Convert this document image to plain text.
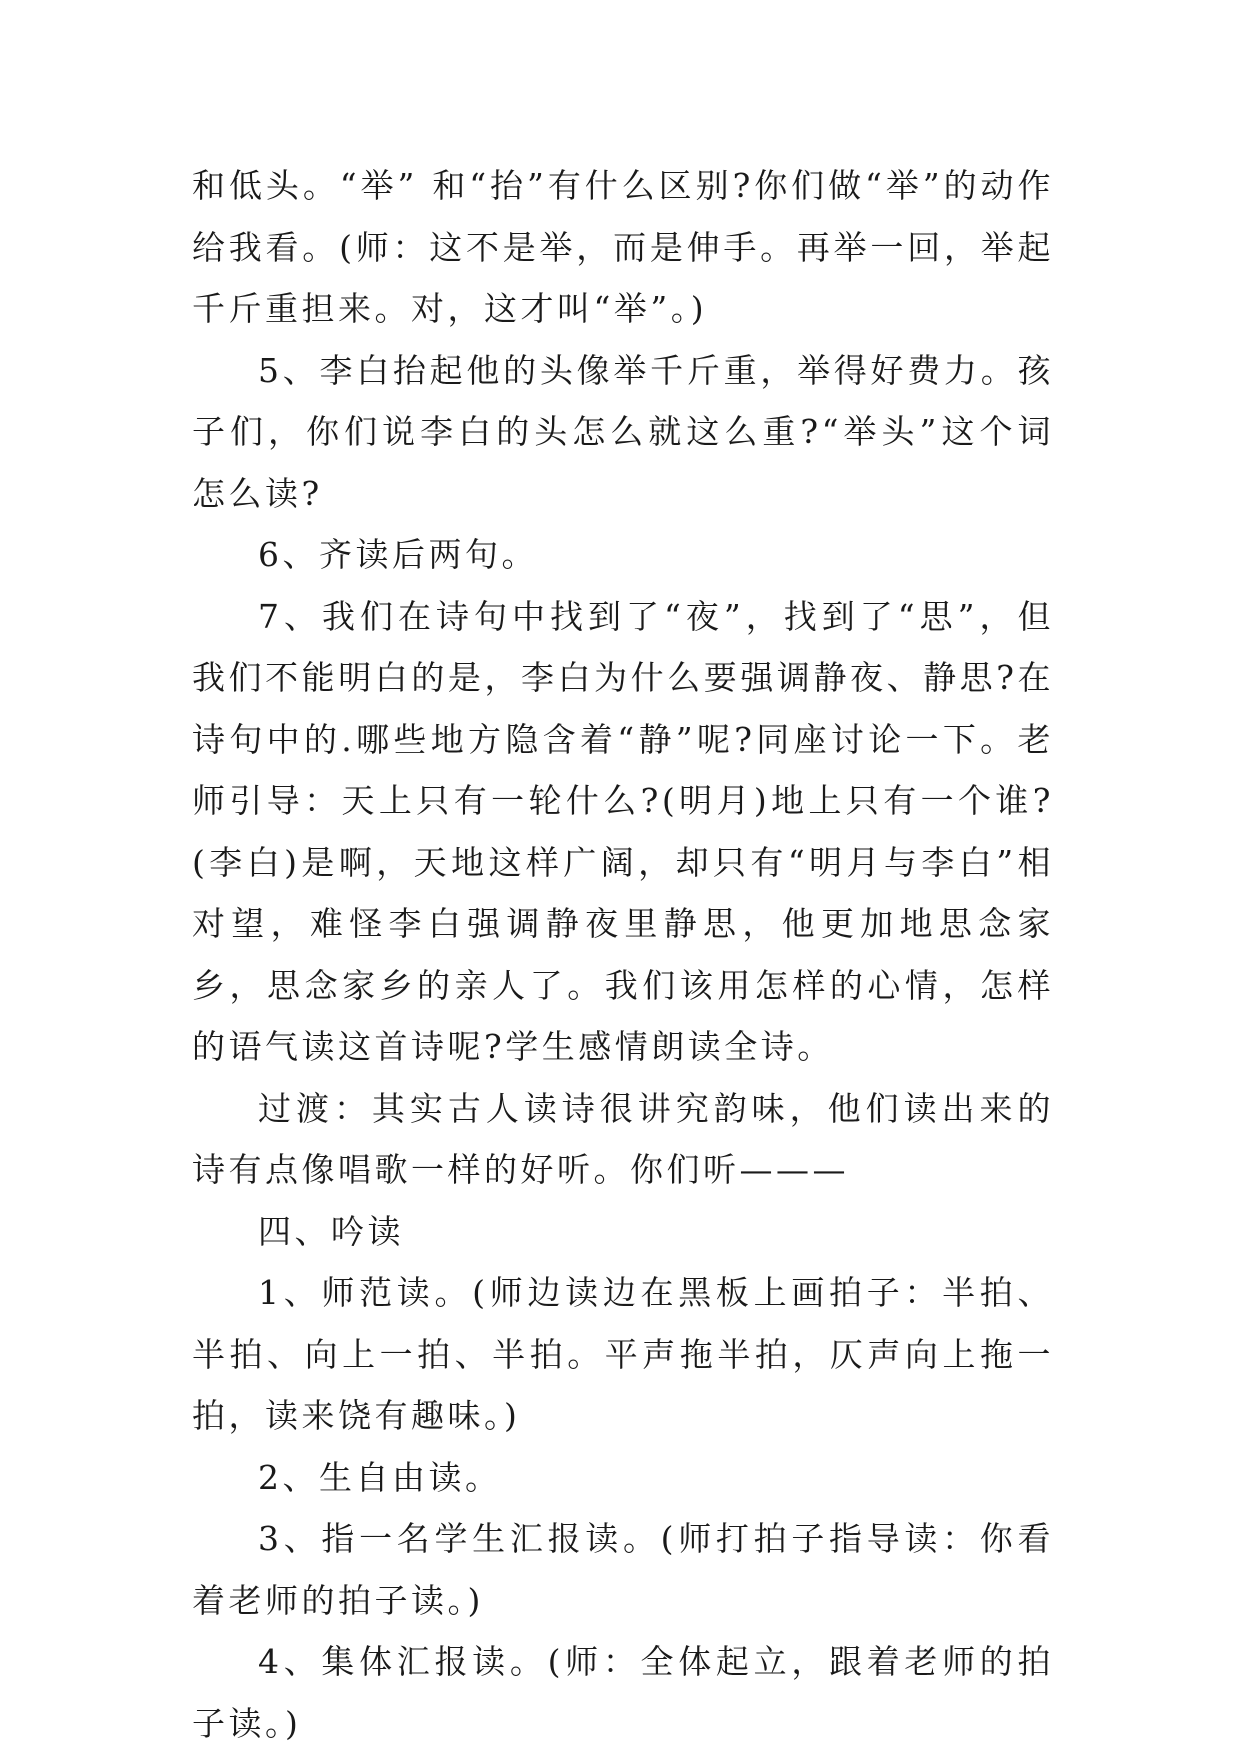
和低头。“举” 和“抬”有什么区别?你们做“举”的动作给我看。(师：这不是举，而是伸手。再举一回，举起千斤重担来。对，这才叫“举”。)

5、李白抬起他的头像举千斤重，举得好费力。孩子们，你们说李白的头怎么就这么重?“举头”这个词怎么读?

6、齐读后两句。

7、我们在诗句中找到了“夜”，找到了“思”，但我们不能明白的是，李白为什么要强调静夜、静思?在诗句中的.哪些地方隐含着“静”呢?同座讨论一下。老师引导：天上只有一轮什么?(明月)地上只有一个谁?(李白)是啊，天地这样广阔，却只有“明月与李白”相对望，难怪李白强调静夜里静思，他更加地思念家乡，思念家乡的亲人了。我们该用怎样的心情，怎样的语气读这首诗呢?学生感情朗读全诗。

过渡：其实古人读诗很讲究韵味，他们读出来的诗有点像唱歌一样的好听。你们听———

四、吟读

1、师范读。(师边读边在黑板上画拍子：半拍、半拍、向上一拍、半拍。平声拖半拍，仄声向上拖一拍，读来饶有趣味。)

2、生自由读。

3、指一名学生汇报读。(师打拍子指导读：你看着老师的拍子读。)

4、集体汇报读。(师：全体起立，跟着老师的拍子读。)
